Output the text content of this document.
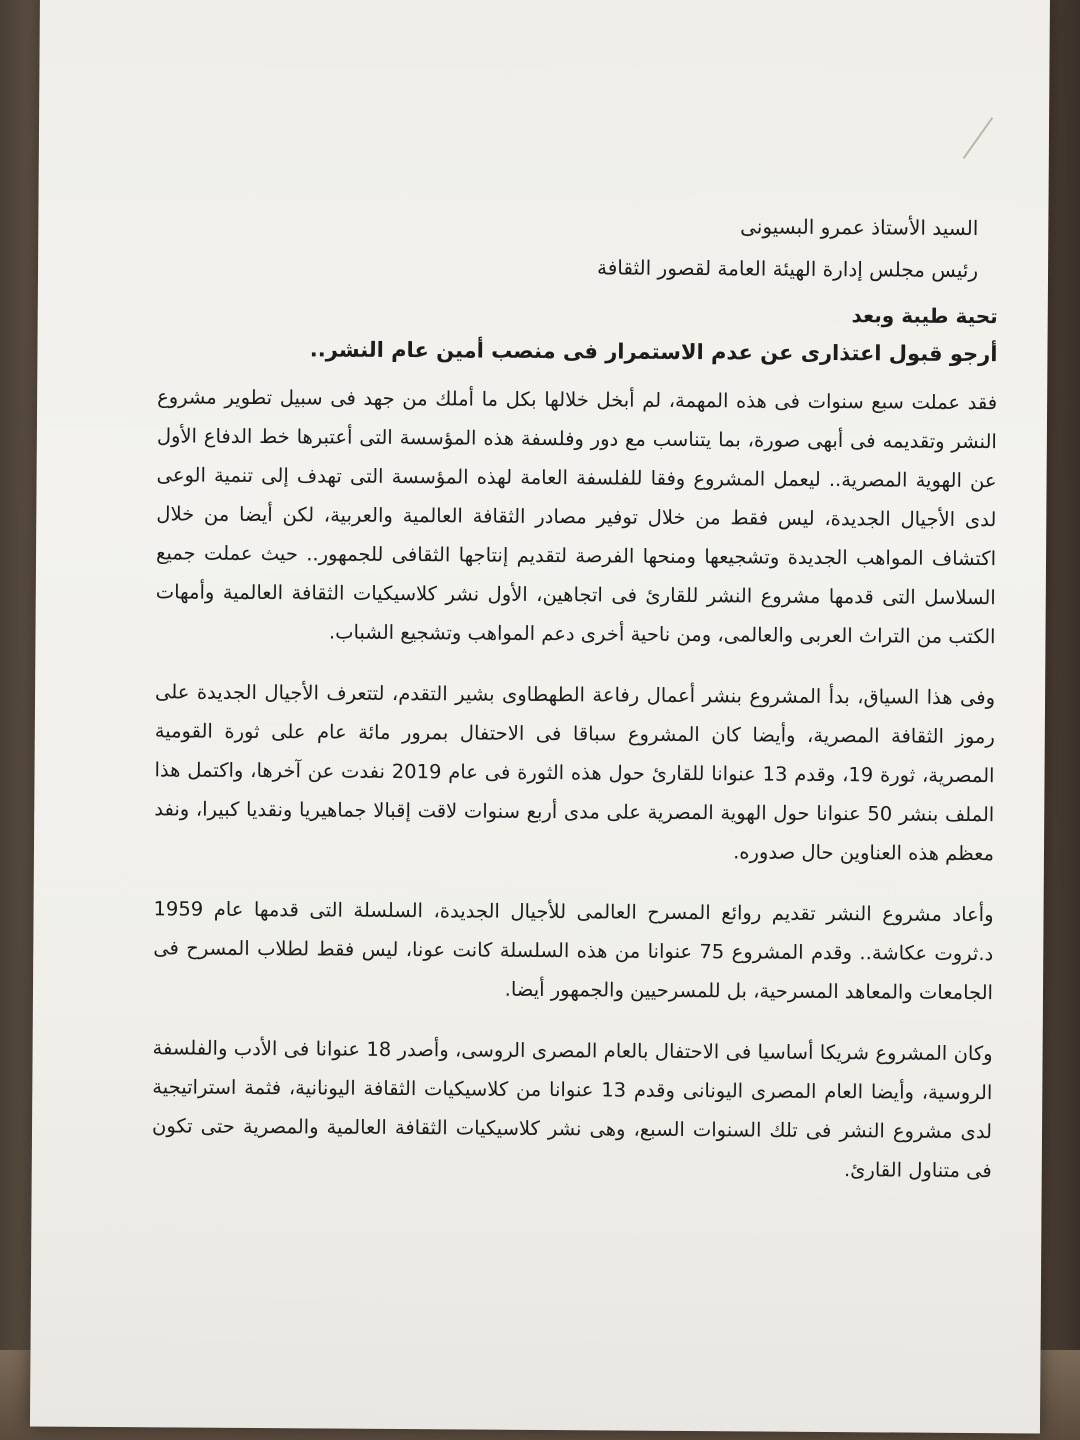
السيد الأستاذ عمرو البسيونى

رئيس مجلس إدارة الهيئة العامة لقصور الثقافة

تحية طيبة وبعد

أرجو قبول اعتذارى عن عدم الاستمرار فى منصب أمين عام النشر..

فقد عملت سبع سنوات فى هذه المهمة، لم أبخل خلالها بكل ما أملك من جهد فى سبيل تطوير مشروع النشر وتقديمه فى أبهى صورة، بما يتناسب مع دور وفلسفة هذه المؤسسة التى أعتبرها خط الدفاع الأول عن الهوية المصرية.. ليعمل المشروع وفقا للفلسفة العامة لهذه المؤسسة التى تهدف إلى تنمية الوعى لدى الأجيال الجديدة، ليس فقط من خلال توفير مصادر الثقافة العالمية والعربية، لكن أيضا من خلال اكتشاف المواهب الجديدة وتشجيعها ومنحها الفرصة لتقديم إنتاجها الثقافى للجمهور.. حيث عملت جميع السلاسل التى قدمها مشروع النشر للقارئ فى اتجاهين، الأول نشر كلاسيكيات الثقافة العالمية وأمهات الكتب من التراث العربى والعالمى، ومن ناحية أخرى دعم المواهب وتشجيع الشباب.

وفى هذا السياق، بدأ المشروع بنشر أعمال رفاعة الطهطاوى بشير التقدم، لتتعرف الأجيال الجديدة على رموز الثقافة المصرية، وأيضا كان المشروع سباقا فى الاحتفال بمرور مائة عام على ثورة القومية المصرية، ثورة 19، وقدم 13 عنوانا للقارئ حول هذه الثورة فى عام 2019 نفدت عن آخرها، واكتمل هذا الملف بنشر 50 عنوانا حول الهوية المصرية على مدى أربع سنوات لاقت إقبالا جماهيريا ونقديا كبيرا، ونفد معظم هذه العناوين حال صدوره.

وأعاد مشروع النشر تقديم روائع المسرح العالمى للأجيال الجديدة، السلسلة التى قدمها عام 1959 د.ثروت عكاشة.. وقدم المشروع 75 عنوانا من هذه السلسلة كانت عونا، ليس فقط لطلاب المسرح فى الجامعات والمعاهد المسرحية، بل للمسرحيين والجمهور أيضا.

وكان المشروع شريكا أساسيا فى الاحتفال بالعام المصرى الروسى، وأصدر 18 عنوانا فى الأدب والفلسفة الروسية، وأيضا العام المصرى اليونانى وقدم 13 عنوانا من كلاسيكيات الثقافة اليونانية، فثمة استراتيجية لدى مشروع النشر فى تلك السنوات السبع، وهى نشر كلاسيكيات الثقافة العالمية والمصرية حتى تكون فى متناول القارئ.
